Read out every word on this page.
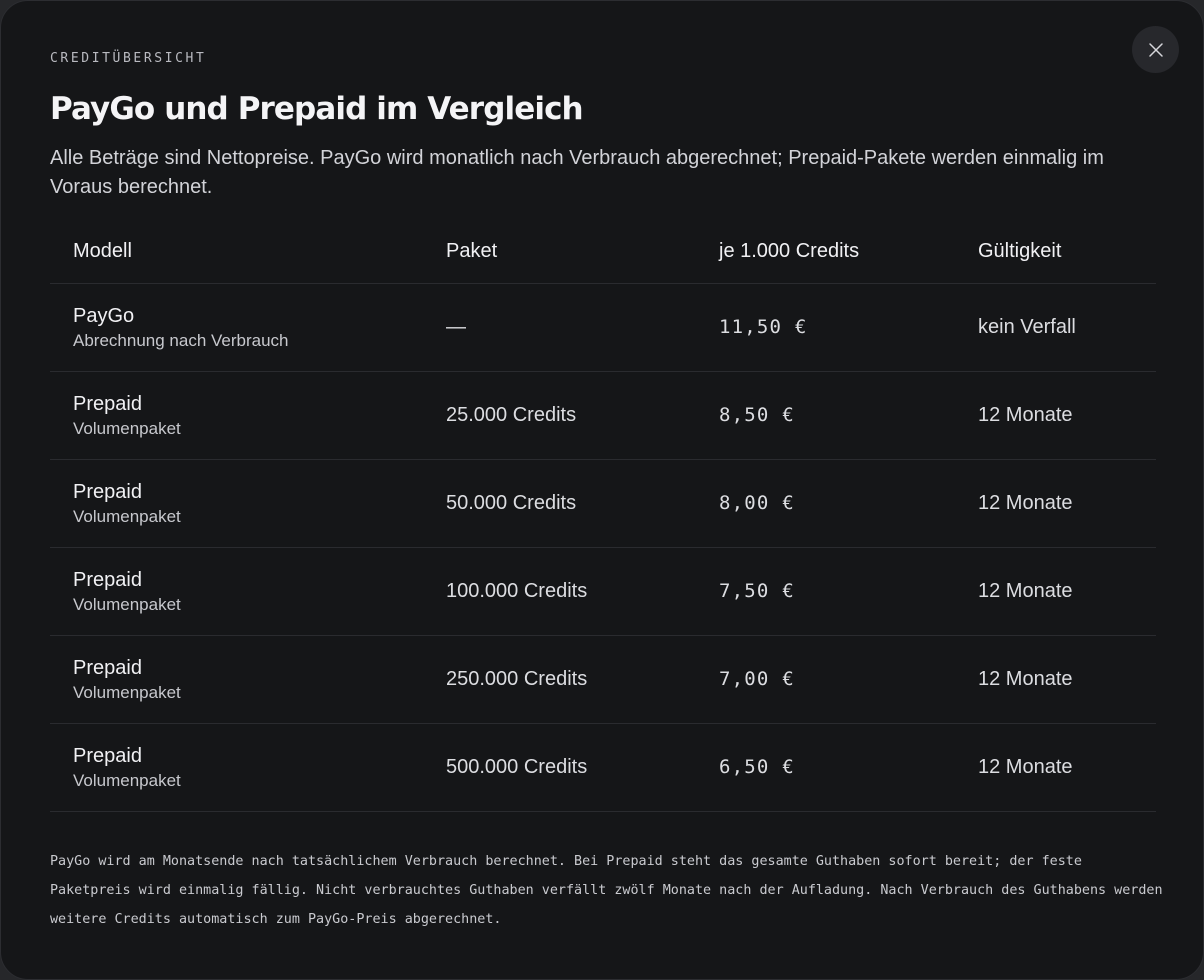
CREDITÜBERSICHT
PayGo und Prepaid im Vergleich

Alle Beträge sind Nettopreise. PayGo wird monatlich nach Verbrauch abgerechnet; Prepaid-Pakete werden einmalig im Voraus berechnet.

Modell	Paket	je 1.000 Credits	Gültigkeit
PayGo
Abrechnung nach Verbrauch
—	11,50 €	kein Verfall
Prepaid
Volumenpaket
25.000 Credits	8,50 €	12 Monate
Prepaid
Volumenpaket
50.000 Credits	8,00 €	12 Monate
Prepaid
Volumenpaket
100.000 Credits	7,50 €	12 Monate
Prepaid
Volumenpaket
250.000 Credits	7,00 €	12 Monate
Prepaid
Volumenpaket
500.000 Credits	6,50 €	12 Monate

PayGo wird am Monatsende nach tatsächlichem Verbrauch berechnet. Bei Prepaid steht das gesamte Guthaben sofort bereit; der feste Paketpreis wird einmalig fällig. Nicht verbrauchtes Guthaben verfällt zwölf Monate nach der Aufladung. Nach Verbrauch des Guthabens werden weitere Credits automatisch zum PayGo-Preis abgerechnet.
